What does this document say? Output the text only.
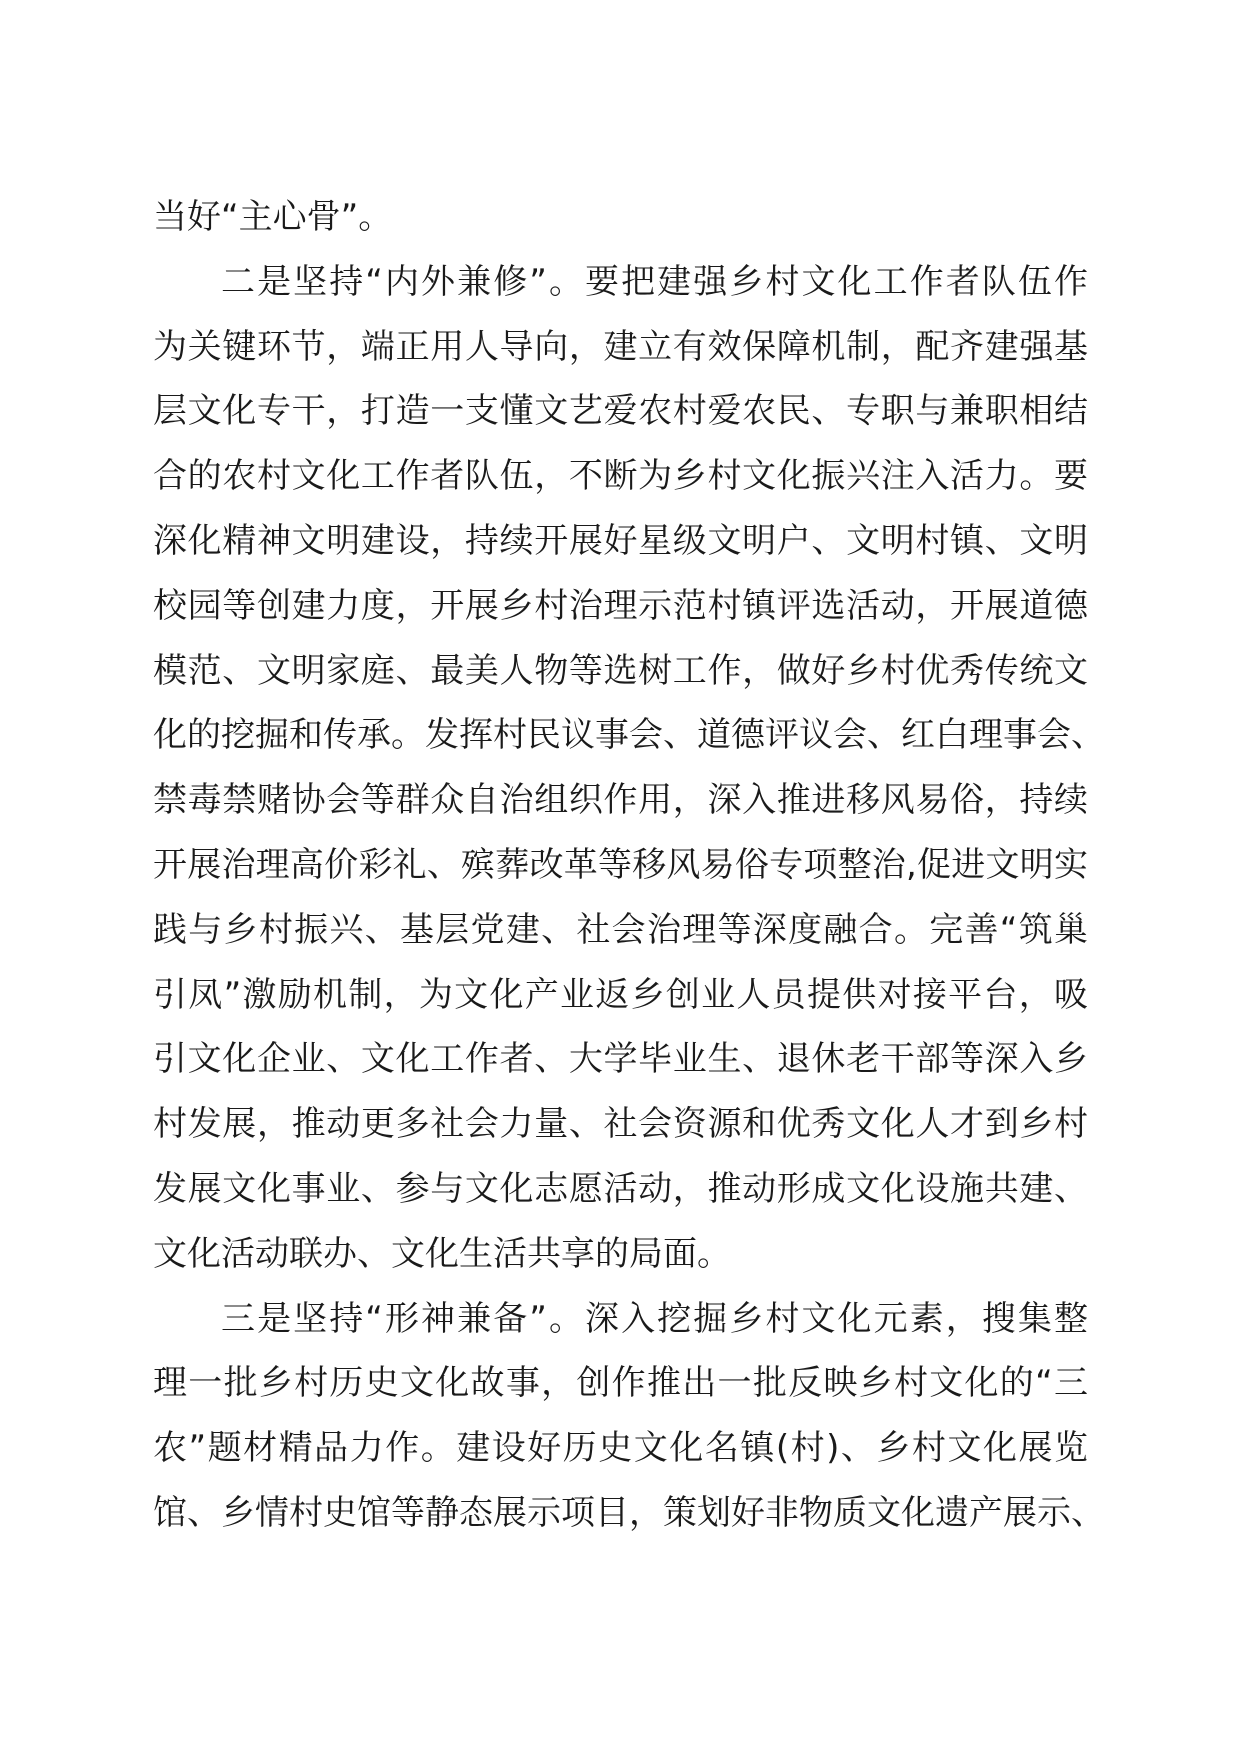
当好“主心骨”。
二是坚持“内外兼修”。要把建强乡村文化工作者队伍作
为关键环节，端正用人导向，建立有效保障机制，配齐建强基
层文化专干，打造一支懂文艺爱农村爱农民、专职与兼职相结
合的农村文化工作者队伍，不断为乡村文化振兴注入活力。要
深化精神文明建设，持续开展好星级文明户、文明村镇、文明
校园等创建力度，开展乡村治理示范村镇评选活动，开展道德
模范、文明家庭、最美人物等选树工作，做好乡村优秀传统文
化的挖掘和传承。发挥村民议事会、道德评议会、红白理事会、
禁毒禁赌协会等群众自治组织作用，深入推进移风易俗，持续
开展治理高价彩礼、殡葬改革等移风易俗专项整治,促进文明实
践与乡村振兴、基层党建、社会治理等深度融合。完善“筑巢
引凤”激励机制，为文化产业返乡创业人员提供对接平台，吸
引文化企业、文化工作者、大学毕业生、退休老干部等深入乡
村发展，推动更多社会力量、社会资源和优秀文化人才到乡村
发展文化事业、参与文化志愿活动，推动形成文化设施共建、
文化活动联办、文化生活共享的局面。
三是坚持“形神兼备”。深入挖掘乡村文化元素，搜集整
理一批乡村历史文化故事，创作推出一批反映乡村文化的“三
农”题材精品力作。建设好历史文化名镇(村)、乡村文化展览
馆、乡情村史馆等静态展示项目，策划好非物质文化遗产展示、
